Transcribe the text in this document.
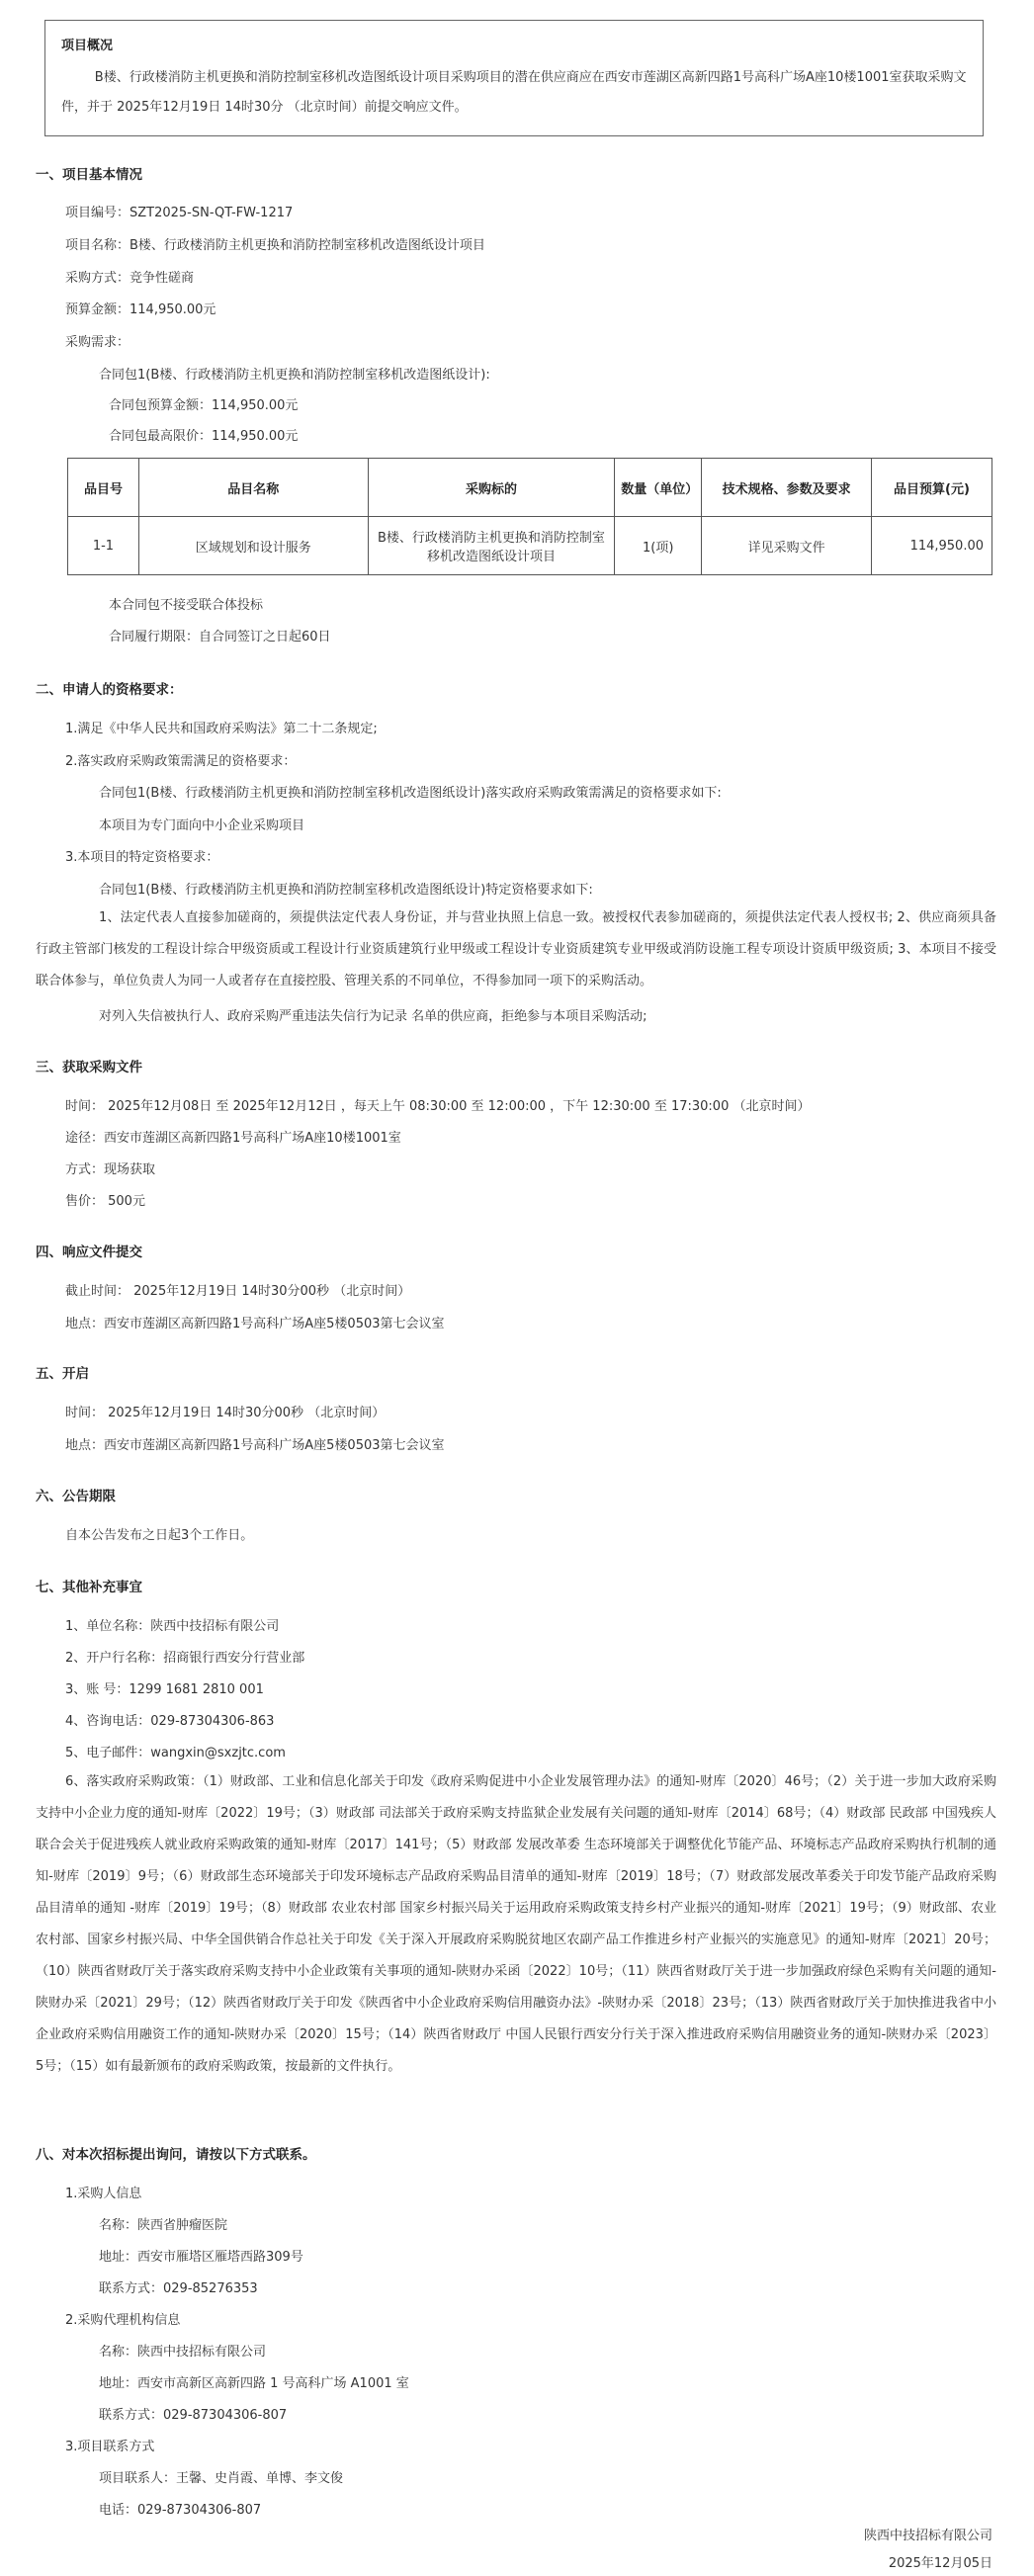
项目概况
B楼、行政楼消防主机更换和消防控制室移机改造图纸设计项目采购项目的潜在供应商应在西安市莲湖区高新四路1号高科广场A座10楼1001室获取采购文件，并于 2025年12月19日 14时30分 （北京时间）前提交响应文件。
一、项目基本情况
项目编号：SZT2025-SN-QT-FW-1217
项目名称：B楼、行政楼消防主机更换和消防控制室移机改造图纸设计项目
采购方式：竞争性磋商
预算金额：114,950.00元
采购需求：
合同包1(B楼、行政楼消防主机更换和消防控制室移机改造图纸设计):
合同包预算金额：114,950.00元
合同包最高限价：114,950.00元
品目号	品目名称	采购标的	数量（单位）	技术规格、参数及要求	品目预算(元)
1-1	区域规划和设计服务	B楼、行政楼消防主机更换和消防控制室移机改造图纸设计项目	1(项)	详见采购文件	114,950.00
本合同包不接受联合体投标
合同履行期限：自合同签订之日起60日
二、申请人的资格要求：
1.满足《中华人民共和国政府采购法》第二十二条规定;
2.落实政府采购政策需满足的资格要求：
合同包1(B楼、行政楼消防主机更换和消防控制室移机改造图纸设计)落实政府采购政策需满足的资格要求如下:
本项目为专门面向中小企业采购项目
3.本项目的特定资格要求：
合同包1(B楼、行政楼消防主机更换和消防控制室移机改造图纸设计)特定资格要求如下:
1、法定代表人直接参加磋商的，须提供法定代表人身份证，并与营业执照上信息一致。被授权代表参加磋商的，须提供法定代表人授权书; 2、供应商须具备行政主管部门核发的工程设计综合甲级资质或工程设计行业资质建筑行业甲级或工程设计专业资质建筑专业甲级或消防设施工程专项设计资质甲级资质; 3、本项目不接受联合体参与，单位负责人为同一人或者存在直接控股、管理关系的不同单位，不得参加同一项下的采购活动。
对列入失信被执行人、政府采购严重违法失信行为记录 名单的供应商，拒绝参与本项目采购活动;
三、获取采购文件
时间： 2025年12月08日 至 2025年12月12日 ，每天上午 08:30:00 至 12:00:00 ，下午 12:30:00 至 17:30:00 （北京时间）
途径：西安市莲湖区高新四路1号高科广场A座10楼1001室
方式：现场获取
售价： 500元
四、响应文件提交
截止时间： 2025年12月19日 14时30分00秒 （北京时间）
地点：西安市莲湖区高新四路1号高科广场A座5楼0503第七会议室
五、开启
时间： 2025年12月19日 14时30分00秒 （北京时间）
地点：西安市莲湖区高新四路1号高科广场A座5楼0503第七会议室
六、公告期限
自本公告发布之日起3个工作日。
七、其他补充事宜
1、单位名称：陕西中技招标有限公司
2、开户行名称：招商银行西安分行营业部
3、账 号：1299 1681 2810 001
4、咨询电话：029-87304306-863
5、电子邮件：wangxin@sxzjtc.com
6、落实政府采购政策：（1）财政部、工业和信息化部关于印发《政府采购促进中小企业发展管理办法》的通知-财库〔2020〕46号；（2）关于进一步加大政府采购支持中小企业力度的通知-财库〔2022〕19号；（3）财政部 司法部关于政府采购支持监狱企业发展有关问题的通知-财库〔2014〕68号；（4）财政部 民政部 中国残疾人联合会关于促进残疾人就业政府采购政策的通知-财库〔2017〕141号；（5）财政部 发展改革委 生态环境部关于调整优化节能产品、环境标志产品政府采购执行机制的通知-财库〔2019〕9号；（6）财政部生态环境部关于印发环境标志产品政府采购品目清单的通知-财库〔2019〕18号；（7）财政部发展改革委关于印发节能产品政府采购品目清单的通知 -财库〔2019〕19号；（8）财政部 农业农村部 国家乡村振兴局关于运用政府采购政策支持乡村产业振兴的通知-财库〔2021〕19号；（9）财政部、农业农村部、国家乡村振兴局、中华全国供销合作总社关于印发《关于深入开展政府采购脱贫地区农副产品工作推进乡村产业振兴的实施意见》的通知-财库〔2021〕20号；（10）陕西省财政厅关于落实政府采购支持中小企业政策有关事项的通知-陕财办采函〔2022〕10号；（11）陕西省财政厅关于进一步加强政府绿色采购有关问题的通知-陕财办采〔2021〕29号；（12）陕西省财政厅关于印发《陕西省中小企业政府采购信用融资办法》-陕财办采〔2018〕23号；（13）陕西省财政厅关于加快推进我省中小企业政府采购信用融资工作的通知-陕财办采〔2020〕15号；（14）陕西省财政厅 中国人民银行西安分行关于深入推进政府采购信用融资业务的通知-陕财办采〔2023〕5号；（15）如有最新颁布的政府采购政策，按最新的文件执行。
八、对本次招标提出询问，请按以下方式联系。
1.采购人信息
名称：陕西省肿瘤医院
地址：西安市雁塔区雁塔西路309号
联系方式：029-85276353
2.采购代理机构信息
名称：陕西中技招标有限公司
地址：西安市高新区高新四路 1 号高科广场 A1001 室
联系方式：029-87304306-807
3.项目联系方式
项目联系人：王馨、史肖霞、单博、李文俊
电话：029-87304306-807
陕西中技招标有限公司
2025年12月05日
